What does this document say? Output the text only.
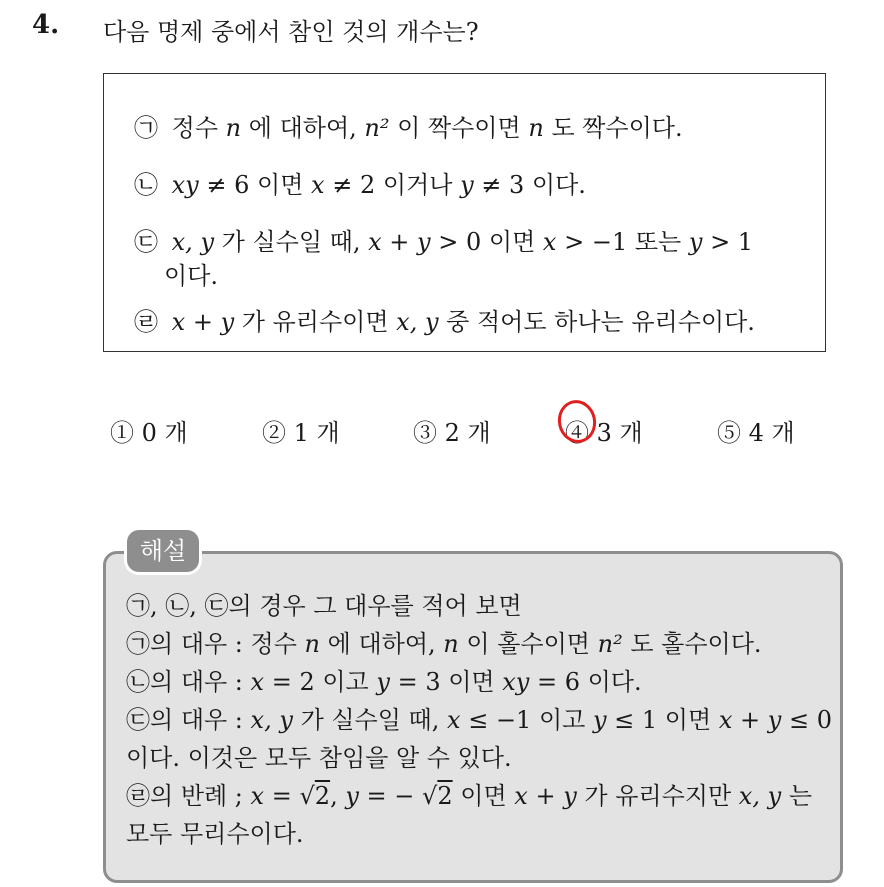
4. 다음 명제 중에서 참인 것의 개수는?
㉠ 정수 n 에 대하여, n² 이 짝수이면 n 도 짝수이다.
㉡ xy ≠ 6 이면 x ≠ 2 이거나 y ≠ 3 이다.
㉢ x, y 가 실수일 때, x + y > 0 이면 x > −1 또는 y > 1
이다.
㉣ x + y 가 유리수이면 x, y 중 적어도 하나는 유리수이다.
① 0 개	② 1 개	③ 2 개	④ 3 개	⑤ 4 개
㉠, ㉡, ㉢의 경우 그 대우를 적어 보면
㉠의 대우 : 정수 n 에 대하여, n 이 홀수이면 n² 도 홀수이다.
㉡의 대우 : x = 2 이고 y = 3 이면 xy = 6 이다.
㉢의 대우 : x, y 가 실수일 때, x ≤ −1 이고 y ≤ 1 이면 x + y ≤ 0
이다. 이것은 모두 참임을 알 수 있다.
㉣의 반례 ; x = √2, y = − √2 이면 x + y 가 유리수지만 x, y 는
모두 무리수이다.
해설
